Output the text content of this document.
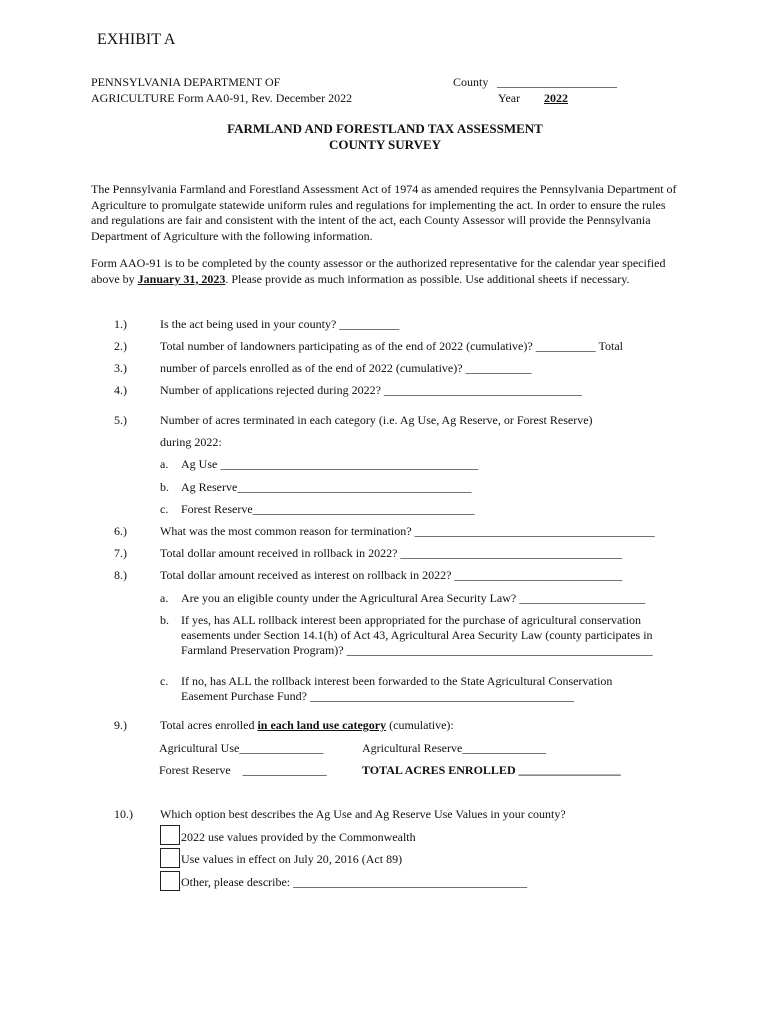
EXHIBIT A
PENNSYLVANIA DEPARTMENT OF
AGRICULTURE Form AA0-91, Rev. December 2022
County ____________________
Year 2022
FARMLAND AND FORESTLAND TAX ASSESSMENT
COUNTY SURVEY
The Pennsylvania Farmland and Forestland Assessment Act of 1974 as amended requires the Pennsylvania Department of Agriculture to promulgate statewide uniform rules and regulations for implementing the act. In order to ensure the rules and regulations are fair and consistent with the intent of the act, each County Assessor will provide the Pennsylvania Department of Agriculture with the following information.
Form AAO-91 is to be completed by the county assessor or the authorized representative for the calendar year specified above by January 31, 2023. Please provide as much information as possible. Use additional sheets if necessary.
1.)	Is the act being used in your county? __________
2.)	Total number of landowners participating as of the end of 2022 (cumulative)? __________ Total
3.)	number of parcels enrolled as of the end of 2022 (cumulative)? ___________
4.)	Number of applications rejected during 2022? _________________________________
5.)	Number of acres terminated in each category (i.e. Ag Use, Ag Reserve, or Forest Reserve)
during 2022:
a. Ag Use ___________________________________________
b. Ag Reserve_______________________________________
c. Forest Reserve_____________________________________
6.)	What was the most common reason for termination? ________________________________________
7.)	Total dollar amount received in rollback in 2022? _____________________________________
8.)	Total dollar amount received as interest on rollback in 2022? ____________________________
a. Are you an eligible county under the Agricultural Area Security Law? _____________________
b. If yes, has ALL rollback interest been appropriated for the purchase of agricultural conservation
easements under Section 14.1(h) of Act 43, Agricultural Area Security Law (county participates in
Farmland Preservation Program)? ___________________________________________________
c. If no, has ALL the rollback interest been forwarded to the State Agricultural Conservation
Easement Purchase Fund? ____________________________________________
9.)	Total acres enrolled in each land use category (cumulative):
Agricultural Use______________	Agricultural Reserve______________
Forest Reserve    ______________	TOTAL ACRES ENROLLED _________________
10.) Which option best describes the Ag Use and Ag Reserve Use Values in your county?
2022 use values provided by the Commonwealth
Use values in effect on July 20, 2016 (Act 89)
Other, please describe: _______________________________________
